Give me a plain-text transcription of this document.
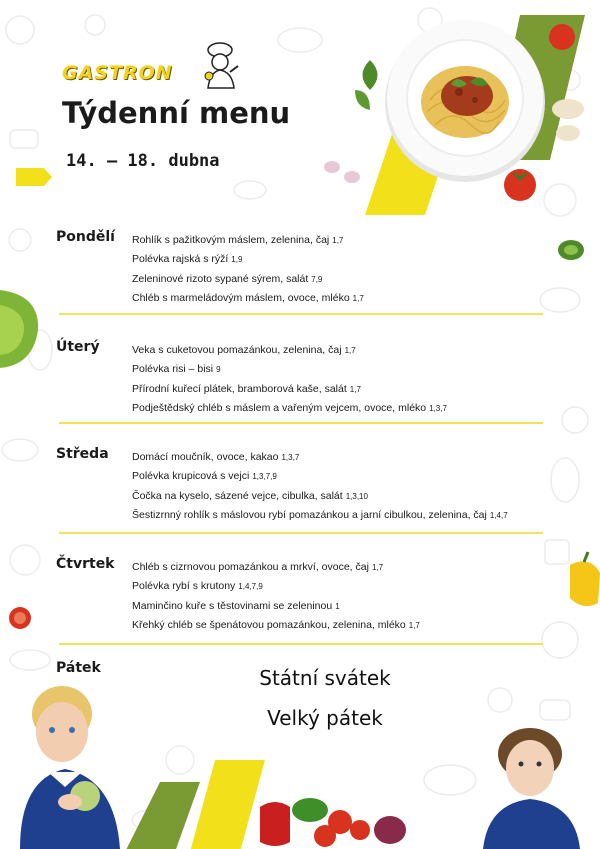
GASTRON
Týdenní menu
14. – 18. dubna
Pondělí Rohlík s pažitkovým máslem, zelenina, čaj 1,7
Polévka rajská s rýží 1,9
Zeleninové rizoto sypané sýrem, salát 7,9
Chléb s marmeládovým máslem, ovoce, mléko 1,7
Úterý	Veka s cuketovou pomazánkou, zelenina, čaj 1,7
Polévka risi – bisi 9
Přírodní kuřecí plátek, bramborová kaše, salát 1,7
Podještědský chléb s máslem a vařeným vejcem, ovoce, mléko 1,3,7
Středa Domácí moučník, ovoce, kakao 1,3,7
Polévka krupicová s vejci 1,3,7,9
Čočka na kyselo, sázené vejce, cibulka, salát 1,3,10
Šestizrnný rohlík s máslovou rybí pomazánkou a jarní cibulkou, zelenina, čaj 1,4,7
Čtvrtek Chléb s cizrnovou pomazánkou a mrkví, ovoce, čaj 1,7
Polévka rybí s krutony 1,4,7,9
Maminčino kuře s těstovinami se zeleninou 1
Křehký chléb se špenátovou pomazánkou, zelenina, mléko 1,7
Pátek	Státní svátek
Velký pátek
